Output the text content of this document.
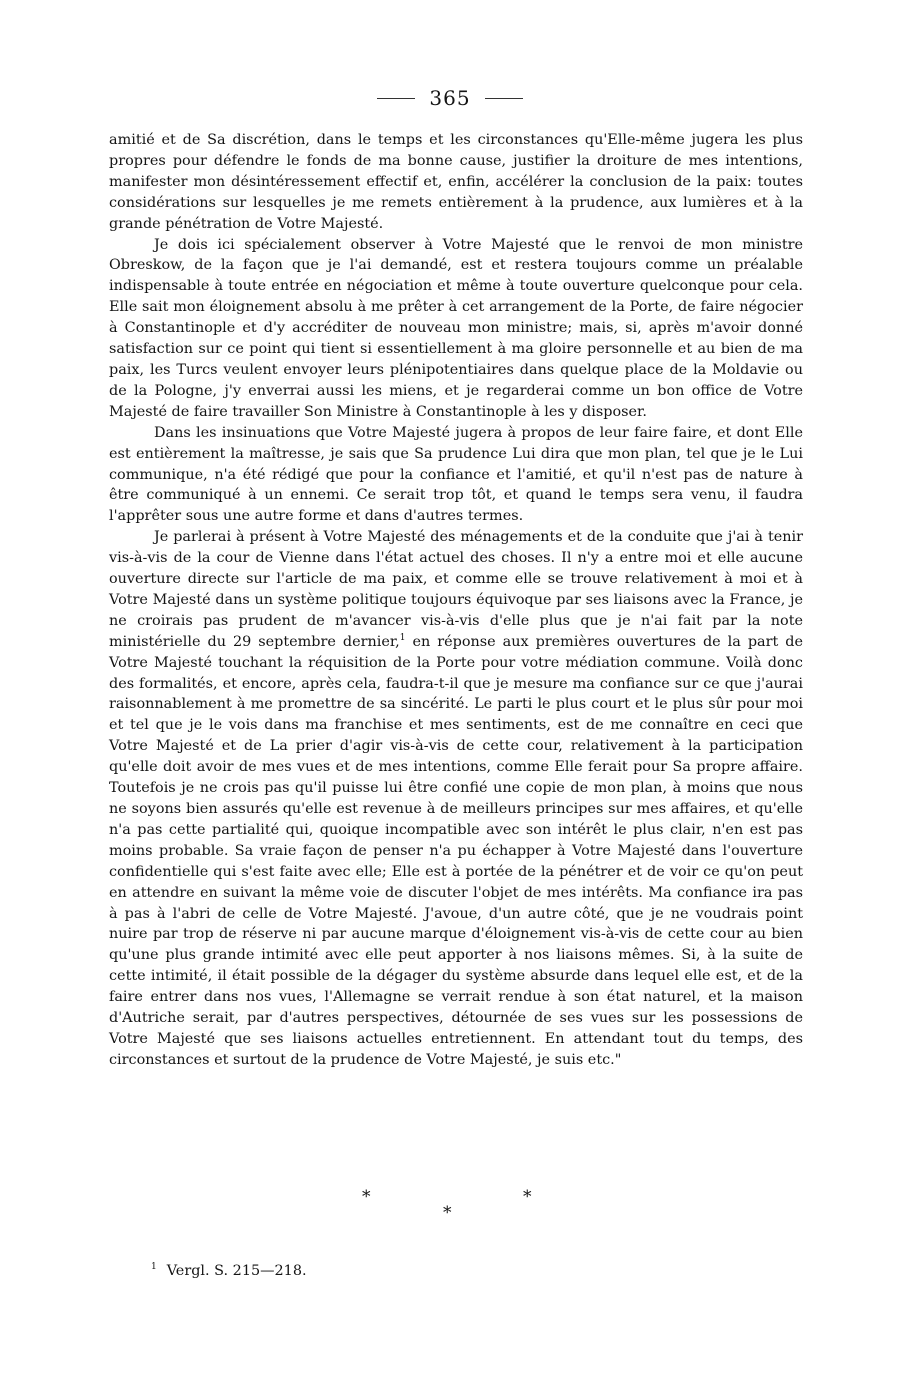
365

amitié et de Sa discrétion, dans le temps et les circonstances qu'Elle-même jugera les plus propres pour défendre le fonds de ma bonne cause, justifier la droiture de mes intentions, manifester mon désintéressement effectif et, enfin, accélérer la conclusion de la paix: toutes considérations sur lesquelles je me remets entièrement à la prudence, aux lumières et à la grande pénétration de Votre Majesté.

Je dois ici spécialement observer à Votre Majesté que le renvoi de mon ministre Obreskow, de la façon que je l'ai demandé, est et restera toujours comme un préalable indispensable à toute entrée en négociation et même à toute ouverture quelconque pour cela. Elle sait mon éloignement absolu à me prêter à cet arrangement de la Porte, de faire négocier à Constantinople et d'y accréditer de nouveau mon ministre; mais, si, après m'avoir donné satisfaction sur ce point qui tient si essentiellement à ma gloire personnelle et au bien de ma paix, les Turcs veulent envoyer leurs plénipotentiaires dans quelque place de la Moldavie ou de la Pologne, j'y enverrai aussi les miens, et je regarderai comme un bon office de Votre Majesté de faire travailler Son Ministre à Constantinople à les y disposer.

Dans les insinuations que Votre Majesté jugera à propos de leur faire faire, et dont Elle est entièrement la maîtresse, je sais que Sa prudence Lui dira que mon plan, tel que je le Lui communique, n'a été rédigé que pour la confiance et l'amitié, et qu'il n'est pas de nature à être communiqué à un ennemi. Ce serait trop tôt, et quand le temps sera venu, il faudra l'apprêter sous une autre forme et dans d'autres termes.

Je parlerai à présent à Votre Majesté des ménagements et de la conduite que j'ai à tenir vis-à-vis de la cour de Vienne dans l'état actuel des choses. Il n'y a entre moi et elle aucune ouverture directe sur l'article de ma paix, et comme elle se trouve relativement à moi et à Votre Majesté dans un système politique toujours équivoque par ses liaisons avec la France, je ne croirais pas prudent de m'avancer vis-à-vis d'elle plus que je n'ai fait par la note ministérielle du 29 septembre dernier,$^1$ en réponse aux premières ouvertures de la part de Votre Majesté touchant la réquisition de la Porte pour votre médiation commune. Voilà donc des formalités, et encore, après cela, faudra-t-il que je mesure ma confiance sur ce que j'aurai raisonnablement à me promettre de sa sincérité. Le parti le plus court et le plus sûr pour moi et tel que je le vois dans ma franchise et mes sentiments, est de me connaître en ceci que Votre Majesté et de La prier d'agir vis-à-vis de cette cour, relativement à la participation qu'elle doit avoir de mes vues et de mes intentions, comme Elle ferait pour Sa propre affaire. Toutefois je ne crois pas qu'il puisse lui être confié une copie de mon plan, à moins que nous ne soyons bien assurés qu'elle est revenue à de meilleurs principes sur mes affaires, et qu'elle n'a pas cette partialité qui, quoique incompatible avec son intérêt le plus clair, n'en est pas moins probable. Sa vraie façon de penser n'a pu échapper à Votre Majesté dans l'ouverture confidentielle qui s'est faite avec elle; Elle est à portée de la pénétrer et de voir ce qu'on peut en attendre en suivant la même voie de discuter l'objet de mes intérêts. Ma confiance ira pas à pas à l'abri de celle de Votre Majesté. J'avoue, d'un autre côté, que je ne voudrais point nuire par trop de réserve ni par aucune marque d'éloignement vis-à-vis de cette cour au bien qu'une plus grande intimité avec elle peut apporter à nos liaisons mêmes. Si, à la suite de cette intimité, il était possible de la dégager du système absurde dans lequel elle est, et de la faire entrer dans nos vues, l'Allemagne se verrait rendue à son état naturel, et la maison d'Autriche serait, par d'autres perspectives, détournée de ses vues sur les possessions de Votre Majesté que ses liaisons actuelles entretiennent. En attendant tout du temps, des circonstances et surtout de la prudence de Votre Majesté, je suis etc."

*	*
*
$^1$ Vergl. S. 215—218.
